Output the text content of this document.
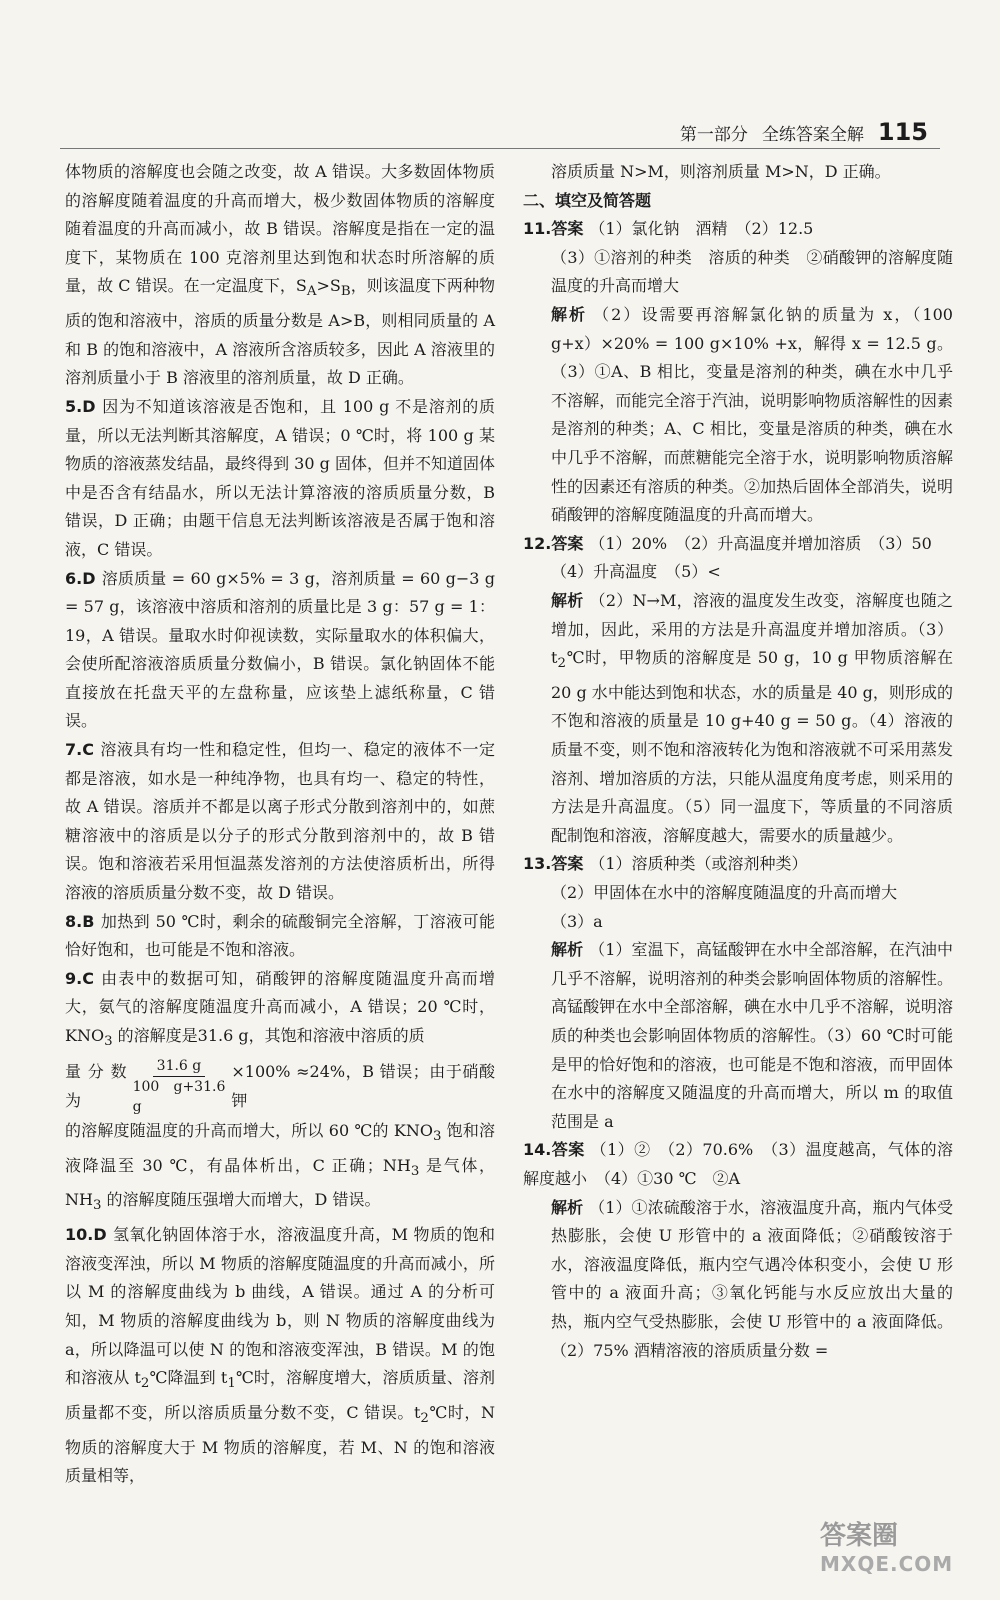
第一部分 全练答案全解 115

体物质的溶解度也会随之改变，故 A 错误。大多数固体物质的溶解度随着温度的升高而增大，极少数固体物质的溶解度随着温度的升高而减小，故 B 错误。溶解度是指在一定的温度下，某物质在 100 克溶剂里达到饱和状态时所溶解的质量，故 C 错误。在一定温度下，$S_A>S_B$，则该温度下两种物质的饱和溶液中，溶质的质量分数是 A>B，则相同质量的 A 和 B 的饱和溶液中，A 溶液所含溶质较多，因此 A 溶液里的溶剂质量小于 B 溶液里的溶剂质量，故 D 正确。

5.D 因为不知道该溶液是否饱和，且 100 g 不是溶剂的质量，所以无法判断其溶解度，A 错误；0 ℃时，将 100 g 某物质的溶液蒸发结晶，最终得到 30 g 固体，但并不知道固体中是否含有结晶水，所以无法计算溶液的溶质质量分数，B 错误，D 正确；由题干信息无法判断该溶液是否属于饱和溶液，C 错误。

6.D 溶质质量 = 60 g×5% = 3 g，溶剂质量 = 60 g−3 g = 57 g，该溶液中溶质和溶剂的质量比是 3 g：57 g = 1：19，A 错误。量取水时仰视读数，实际量取水的体积偏大，会使所配溶液溶质质量分数偏小，B 错误。氯化钠固体不能直接放在托盘天平的左盘称量，应该垫上滤纸称量，C 错误。

7.C 溶液具有均一性和稳定性，但均一、稳定的液体不一定都是溶液，如水是一种纯净物，也具有均一、稳定的特性，故 A 错误。溶质并不都是以离子形式分散到溶剂中的，如蔗糖溶液中的溶质是以分子的形式分散到溶剂中的，故 B 错误。饱和溶液若采用恒温蒸发溶剂的方法使溶质析出，所得溶液的溶质质量分数不变，故 D 错误。

8.B 加热到 50 ℃时，剩余的硫酸铜完全溶解，丁溶液可能恰好饱和，也可能是不饱和溶液。

9.C 由表中的数据可知，硝酸钾的溶解度随温度升高而增大，氨气的溶解度随温度升高而减小，A 错误；20 ℃时，$KNO_3$ 的溶解度是31.6 g，其饱和溶液中溶质的质

量分数为	$\frac{31.6 g}{100 g+31.6 g} \times 100\% \approx 24\%$，B 错误；由于硝酸钾

的溶解度随温度的升高而增大，所以 60 ℃的 $KNO_3$ 饱和溶液降温至 30 ℃，有晶体析出，C 正确；$NH_3$ 是气体，$NH_3$ 的溶解度随压强增大而增大，D 错误。

10.D 氢氧化钠固体溶于水，溶液温度升高，M 物质的饱和溶液变浑浊，所以 M 物质的溶解度随温度的升高而减小，所以 M 的溶解度曲线为 b 曲线，A 错误。通过 A 的分析可知，M 物质的溶解度曲线为 b，则 N 物质的溶解度曲线为 a，所以降温可以使 N 的饱和溶液变浑浊，B 错误。M 的饱和溶液从 $t_2℃$降温到 $t_1℃$时，溶解度增大，溶质质量、溶剂质量都不变，所以溶质质量分数不变，C 错误。$t_2℃$时，N 物质的溶解度大于 M 物质的溶解度，若 M、N 的饱和溶液质量相等，

溶质质量 N>M，则溶剂质量 M>N，D 正确。

二、填空及简答题

11.答案 （1）氯化钠　酒精　（2）12.5

（3）①溶剂的种类　溶质的种类　②硝酸钾的溶解度随温度的升高而增大

解析 （2）设需要再溶解氯化钠的质量为 x，（100 g+x）×20% = 100 g×10% +x，解得 x = 12.5 g。（3）①A、B 相比，变量是溶剂的种类，碘在水中几乎不溶解，而能完全溶于汽油，说明影响物质溶解性的因素是溶剂的种类；A、C 相比，变量是溶质的种类，碘在水中几乎不溶解，而蔗糖能完全溶于水，说明影响物质溶解性的因素还有溶质的种类。②加热后固体全部消失，说明硝酸钾的溶解度随温度的升高而增大。

12.答案 （1）20%　（2）升高温度并增加溶质　（3）50

（4）升高温度　（5）<

解析 （2）N→M，溶液的温度发生改变，溶解度也随之增加，因此，采用的方法是升高温度并增加溶质。$(3)t_2℃$时，甲物质的溶解度是 50 g，10 g 甲物质溶解在 20 g 水中能达到饱和状态，水的质量是 40 g，则形成的不饱和溶液的质量是 10 g+40 g = 50 g。（4）溶液的质量不变，则不饱和溶液转化为饱和溶液就不可采用蒸发溶剂、增加溶质的方法，只能从温度角度考虑，则采用的方法是升高温度。（5）同一温度下，等质量的不同溶质配制饱和溶液，溶解度越大，需要水的质量越少。

13.答案 （1）溶质种类（或溶剂种类）

（2）甲固体在水中的溶解度随温度的升高而增大

（3）a

解析 （1）室温下，高锰酸钾在水中全部溶解，在汽油中几乎不溶解，说明溶剂的种类会影响固体物质的溶解性。高锰酸钾在水中全部溶解，碘在水中几乎不溶解，说明溶质的种类也会影响固体物质的溶解性。（3）60 ℃时可能是甲的恰好饱和的溶液，也可能是不饱和溶液，而甲固体在水中的溶解度又随温度的升高而增大，所以 m 的取值范围是 a

14.答案 （1）②　（2）70.6%　（3）温度越高，气体的溶解度越小　（4）①30 ℃　②A

解析 （1）①浓硫酸溶于水，溶液温度升高，瓶内气体受热膨胀，会使 U 形管中的 a 液面降低；②硝酸铵溶于水，溶液温度降低，瓶内空气遇冷体积变小，会使 U 形管中的 a 液面升高；③氧化钙能与水反应放出大量的热，瓶内空气受热膨胀，会使 U 形管中的 a 液面降低。（2）75% 酒精溶液的溶质质量分数 =

答案圈
MXQE.COM
